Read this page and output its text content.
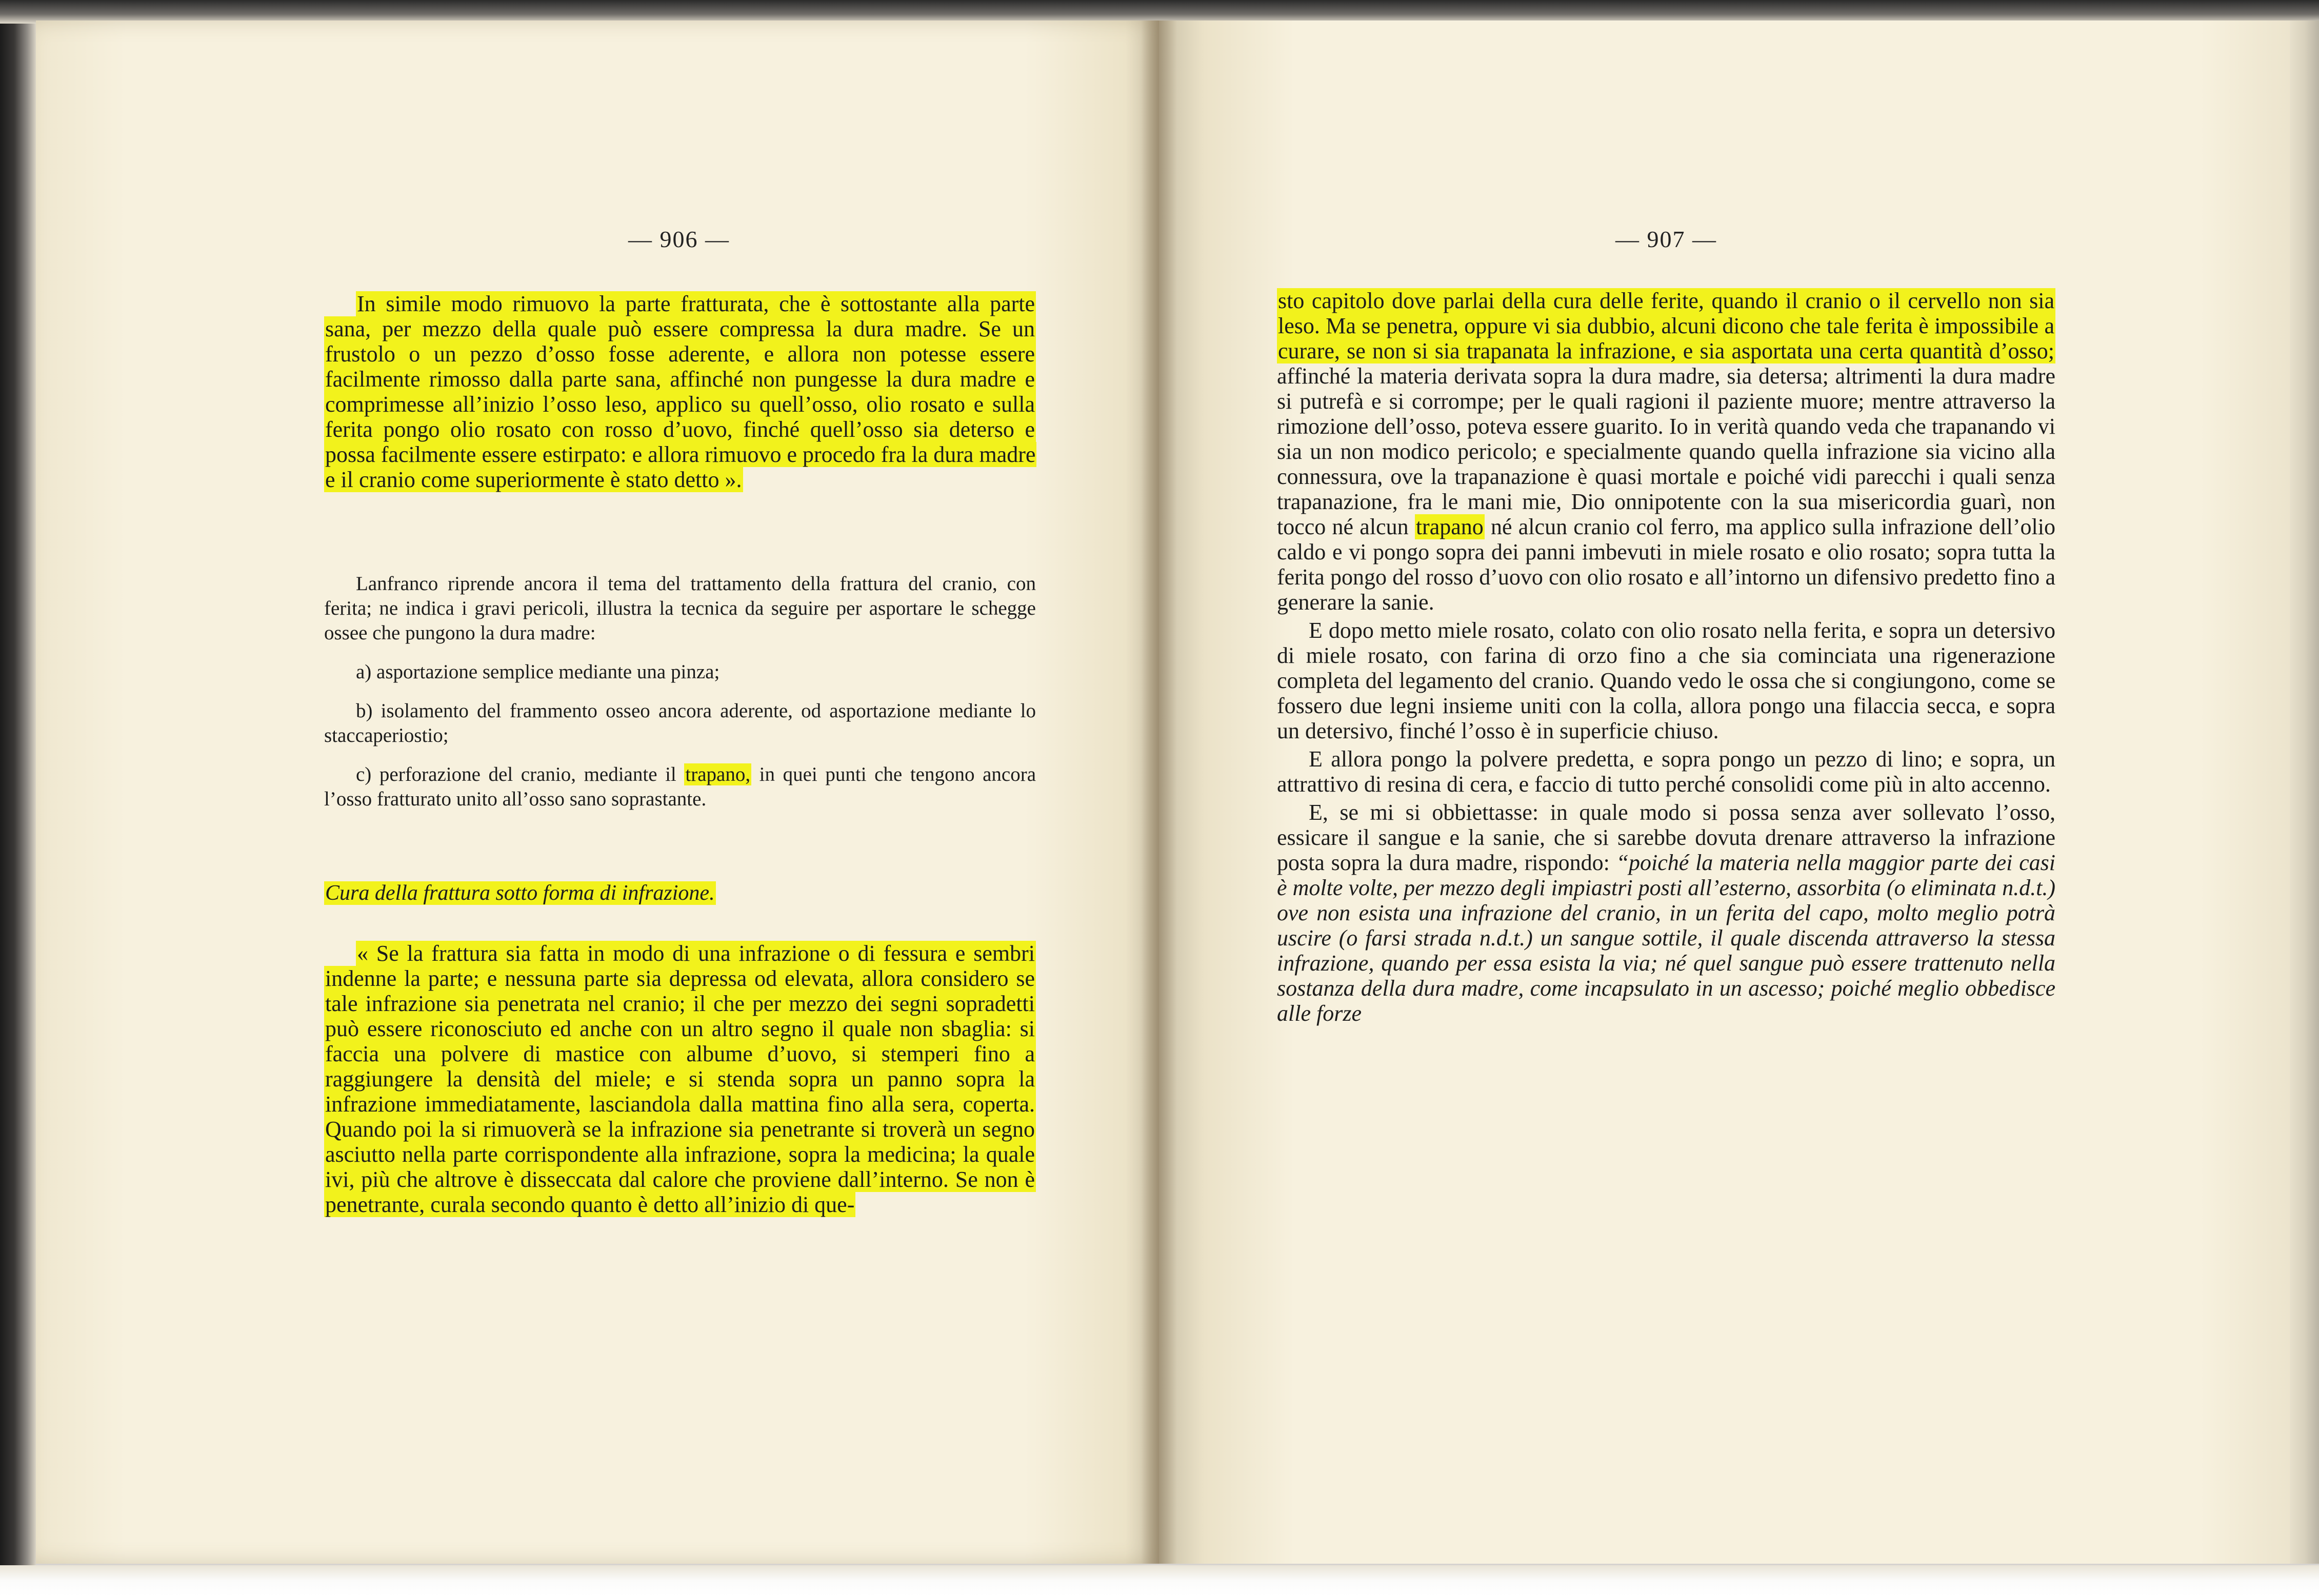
— 906 —

In simile modo rimuovo la parte fratturata, che è sottostante alla parte sana, per mezzo della quale può essere compressa la dura madre. Se un frustolo o un pezzo d’osso fosse aderente, e allora non potesse essere facilmente rimosso dalla parte sana, affinché non pungesse la dura madre e comprimesse all’inizio l’osso leso, applico su quell’osso, olio rosato e sulla ferita pongo olio rosato con rosso d’uovo, finché quell’osso sia deterso e possa facilmente essere estirpato: e allora rimuovo e procedo fra la dura madre e il cranio come superiormente è stato detto ».

Lanfranco riprende ancora il tema del trattamento della frattura del cranio, con ferita; ne indica i gravi pericoli, illustra la tecnica da seguire per asportare le schegge ossee che pungono la dura madre:

a) asportazione semplice mediante una pinza;

b) isolamento del frammento osseo ancora aderente, od asportazione mediante lo staccaperiostio;

c) perforazione del cranio, mediante il trapano, in quei punti che tengono ancora l’osso fratturato unito all’osso sano soprastante.

Cura della frattura sotto forma di infrazione.

« Se la frattura sia fatta in modo di una infrazione o di fessura e sembri indenne la parte; e nessuna parte sia depressa od elevata, allora considero se tale infrazione sia penetrata nel cranio; il che per mezzo dei segni sopradetti può essere riconosciuto ed anche con un altro segno il quale non sbaglia: si faccia una polvere di mastice con albume d’uovo, si stemperi fino a raggiungere la densità del miele; e si stenda sopra un panno sopra la infrazione immediatamente, lasciandola dalla mattina fino alla sera, coperta. Quando poi la si rimuoverà se la infrazione sia penetrante si troverà un segno asciutto nella parte corrispondente alla infrazione, sopra la medicina; la quale ivi, più che altrove è disseccata dal calore che proviene dall’interno. Se non è penetrante, curala secondo quanto è detto all’inizio di que-

— 907 —

sto capitolo dove parlai della cura delle ferite, quando il cranio o il cervello non sia leso. Ma se penetra, oppure vi sia dubbio, alcuni dicono che tale ferita è impossibile a curare, se non si sia trapanata la infrazione, e sia asportata una certa quantità d’osso; affinché la materia derivata sopra la dura madre, sia detersa; altrimenti la dura madre si putrefà e si corrompe; per le quali ragioni il paziente muore; mentre attraverso la rimozione dell’osso, poteva essere guarito. Io in verità quando veda che trapanando vi sia un non modico pericolo; e specialmente quando quella infrazione sia vicino alla connessura, ove la trapanazione è quasi mortale e poiché vidi parecchi i quali senza trapanazione, fra le mani mie, Dio onnipotente con la sua misericordia guarì, non tocco né alcun trapano né alcun cranio col ferro, ma applico sulla infrazione dell’olio caldo e vi pongo sopra dei panni imbevuti in miele rosato e olio rosato; sopra tutta la ferita pongo del rosso d’uovo con olio rosato e all’intorno un difensivo predetto fino a generare la sanie.

E dopo metto miele rosato, colato con olio rosato nella ferita, e sopra un detersivo di miele rosato, con farina di orzo fino a che sia cominciata una rigenerazione completa del legamento del cranio. Quando vedo le ossa che si congiungono, come se fossero due legni insieme uniti con la colla, allora pongo una filaccia secca, e sopra un detersivo, finché l’osso è in superficie chiuso.

E allora pongo la polvere predetta, e sopra pongo un pezzo di lino; e sopra, un attrattivo di resina di cera, e faccio di tutto perché consolidi come più in alto accenno.

E, se mi si obbiettasse: in quale modo si possa senza aver sollevato l’osso, essicare il sangue e la sanie, che si sarebbe dovuta drenare attraverso la infrazione posta sopra la dura madre, rispondo: “poiché la materia nella maggior parte dei casi è molte volte, per mezzo degli impiastri posti all’esterno, assorbita (o eliminata n.d.t.) ove non esista una infrazione del cranio, in un ferita del capo, molto meglio potrà uscire (o farsi strada n.d.t.) un sangue sottile, il quale discenda attraverso la stessa infrazione, quando per essa esista la via; né quel sangue può essere trattenuto nella sostanza della dura madre, come incapsulato in un ascesso; poiché meglio obbedisce alle forze
